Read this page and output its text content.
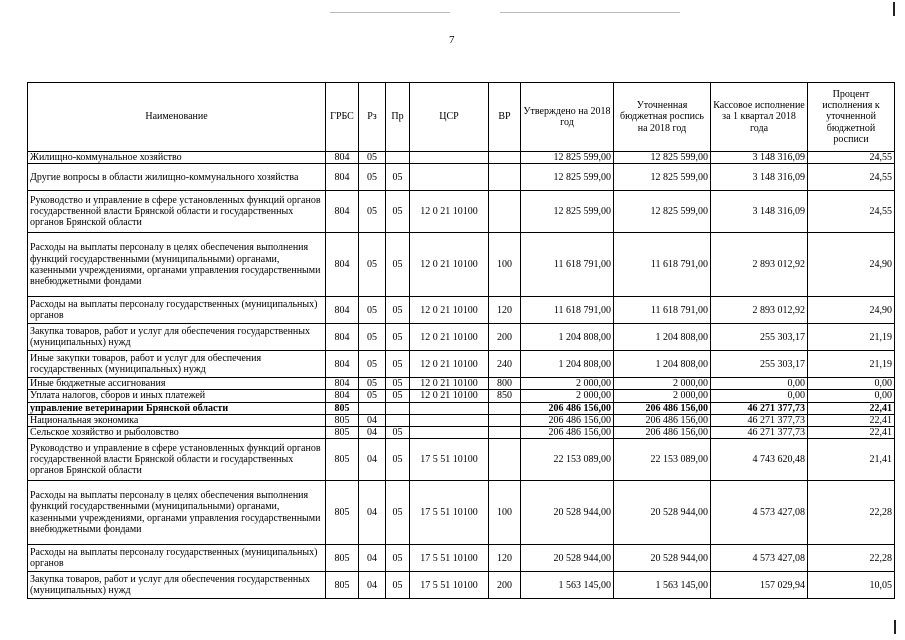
7
Наименование	ГРБС	Рз	Пр	ЦСР	ВР	Утверждено на 2018 год	Уточненная бюджетная роспись на 2018 год	Кассовое исполнение за 1 квартал 2018 года	Процент исполнения к уточненной бюджетной росписи
Жилищно-коммунальное хозяйство	804	05				12 825 599,00	12 825 599,00	3 148 316,09	24,55
Другие вопросы в области жилищно-коммунального хозяйства	804	05	05			12 825 599,00	12 825 599,00	3 148 316,09	24,55
Руководство и управление в сфере установленных функций органов государственной власти Брянской области и государственных органов Брянской области	804	05	05	12 0 21 10100		12 825 599,00	12 825 599,00	3 148 316,09	24,55
Расходы на выплаты персоналу в целях обеспечения выполнения функций государственными (муниципальными) органами, казенными учреждениями, органами управления государственными внебюджетными фондами	804	05	05	12 0 21 10100	100	11 618 791,00	11 618 791,00	2 893 012,92	24,90
Расходы на выплаты персоналу государственных (муниципальных) органов	804	05	05	12 0 21 10100	120	11 618 791,00	11 618 791,00	2 893 012,92	24,90
Закупка товаров, работ и услуг для обеспечения государственных (муниципальных) нужд	804	05	05	12 0 21 10100	200	1 204 808,00	1 204 808,00	255 303,17	21,19
Иные закупки товаров, работ и услуг для обеспечения государственных (муниципальных) нужд	804	05	05	12 0 21 10100	240	1 204 808,00	1 204 808,00	255 303,17	21,19
Иные бюджетные ассигнования	804	05	05	12 0 21 10100	800	2 000,00	2 000,00	0,00	0,00
Уплата налогов, сборов и иных платежей	804	05	05	12 0 21 10100	850	2 000,00	2 000,00	0,00	0,00
управление ветеринарии Брянской области	805					206 486 156,00	206 486 156,00	46 271 377,73	22,41
Национальная экономика	805	04				206 486 156,00	206 486 156,00	46 271 377,73	22,41
Сельское хозяйство и рыболовство	805	04	05			206 486 156,00	206 486 156,00	46 271 377,73	22,41
Руководство и управление в сфере установленных функций органов государственной власти Брянской области и государственных органов Брянской области	805	04	05	17 5 51 10100		22 153 089,00	22 153 089,00	4 743 620,48	21,41
Расходы на выплаты персоналу в целях обеспечения выполнения функций государственными (муниципальными) органами, казенными учреждениями, органами управления государственными внебюджетными фондами	805	04	05	17 5 51 10100	100	20 528 944,00	20 528 944,00	4 573 427,08	22,28
Расходы на выплаты персоналу государственных (муниципальных) органов	805	04	05	17 5 51 10100	120	20 528 944,00	20 528 944,00	4 573 427,08	22,28
Закупка товаров, работ и услуг для обеспечения государственных (муниципальных) нужд	805	04	05	17 5 51 10100	200	1 563 145,00	1 563 145,00	157 029,94	10,05
